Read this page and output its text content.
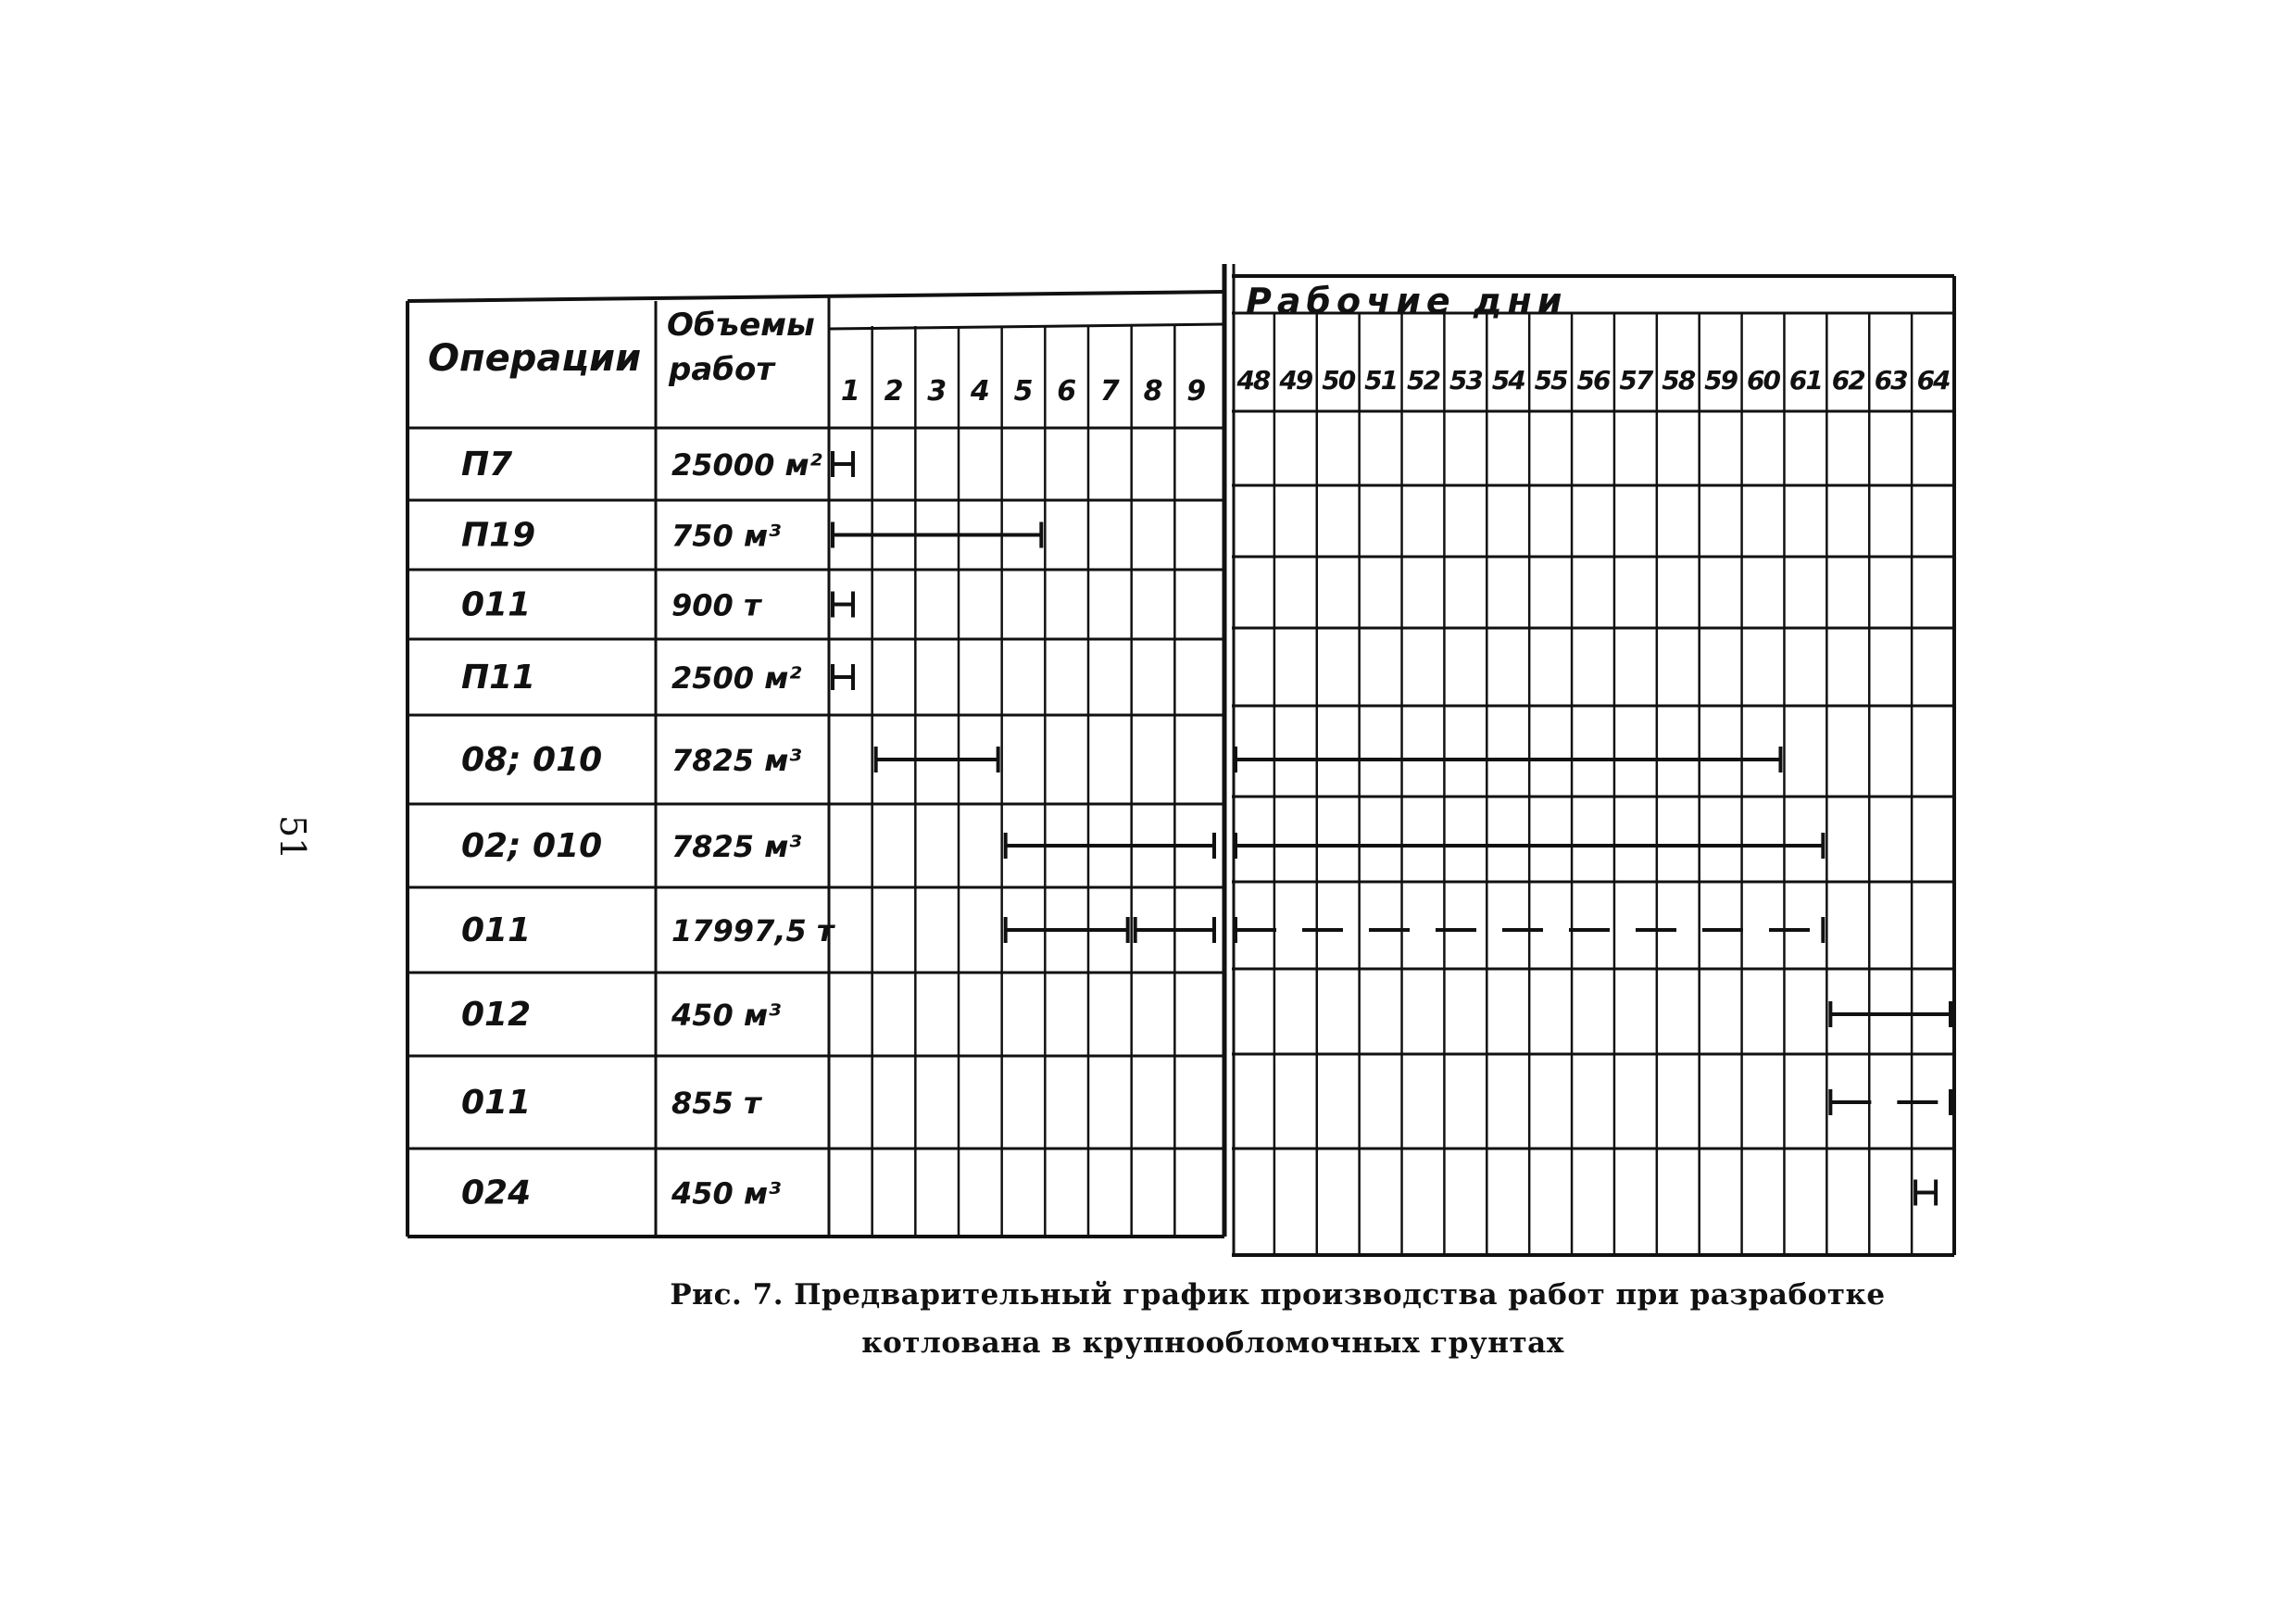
51
1 2 3 4 5 6 7 8 9 48 49 50 51 52 53 54 55 56 57 58 59 60 61 62 63 64
П7	25000 м²
П19	750 м³
011	900 т
П11	2500 м²
08; 010 7825 м³
02; 010 7825 м³
011	17997,5 т
012	450 м³
011	855 т
024	450 м³
Операции
Объемы
работ
Рабочие дни
Рис. 7. Предварительный график производства работ при разработке
котлована в крупнообломочных грунтах
